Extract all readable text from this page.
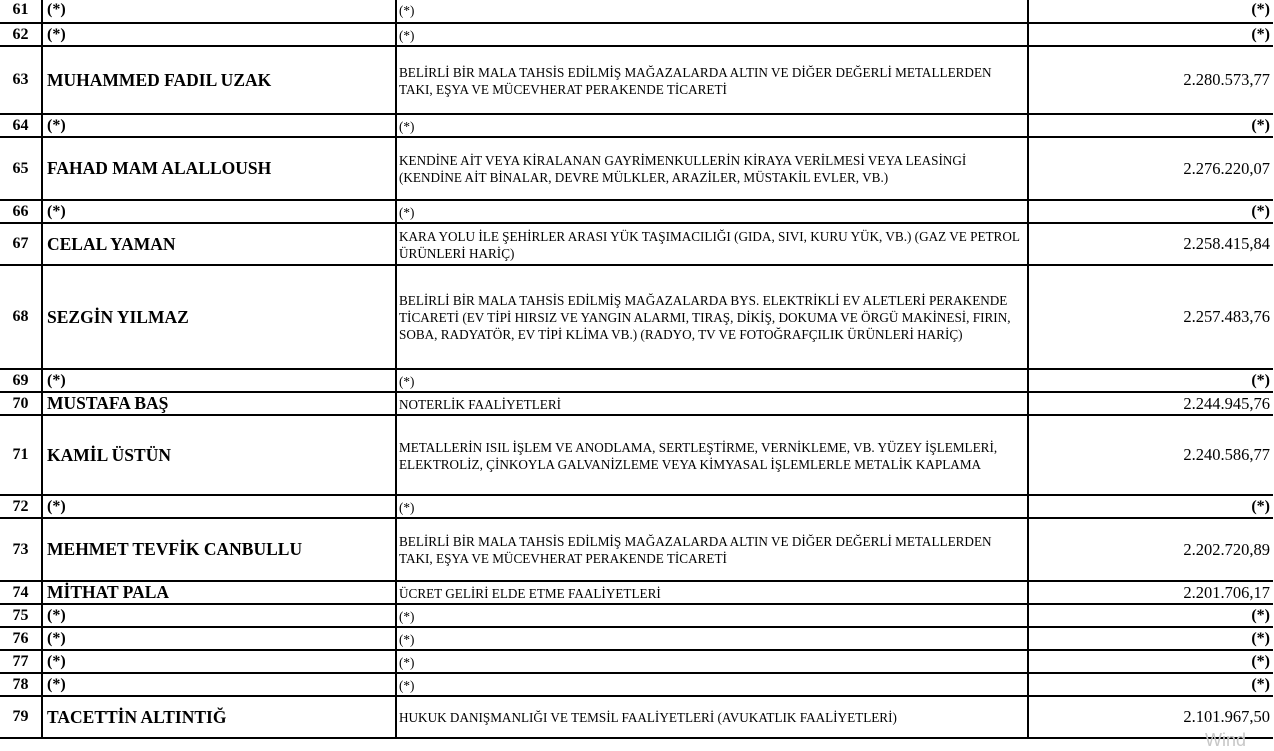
61	(*)	(*)	(*)
62	(*)	(*)	(*)
63	MUHAMMED FADIL UZAK	BELİRLİ BİR MALA TAHSİS EDİLMİŞ MAĞAZALARDA ALTIN VE DİĞER DEĞERLİ METALLERDEN TAKI, EŞYA VE MÜCEVHERAT PERAKENDE TİCARETİ	2.280.573,77
64	(*)	(*)	(*)
65	FAHAD MAM ALALLOUSH	KENDİNE AİT VEYA KİRALANAN GAYRİMENKULLERİN KİRAYA VERİLMESİ VEYA LEASİNGİ (KENDİNE AİT BİNALAR, DEVRE MÜLKLER, ARAZİLER, MÜSTAKİL EVLER, VB.)	2.276.220,07
66	(*)	(*)	(*)
67	CELAL YAMAN	KARA YOLU İLE ŞEHİRLER ARASI YÜK TAŞIMACILIĞI (GIDA, SIVI, KURU YÜK, VB.) (GAZ VE PETROL ÜRÜNLERİ HARİÇ)	2.258.415,84
68	SEZGİN YILMAZ	BELİRLİ BİR MALA TAHSİS EDİLMİŞ MAĞAZALARDA BYS. ELEKTRİKLİ EV ALETLERİ PERAKENDE TİCARETİ (EV TİPİ HIRSIZ VE YANGIN ALARMI, TIRAŞ, DİKİŞ, DOKUMA VE ÖRGÜ MAKİNESİ, FIRIN, SOBA, RADYATÖR, EV TİPİ KLİMA VB.) (RADYO, TV VE FOTOĞRAFÇILIK ÜRÜNLERİ HARİÇ)	2.257.483,76
69	(*)	(*)	(*)
70	MUSTAFA BAŞ	NOTERLİK FAALİYETLERİ	2.244.945,76
71	KAMİL ÜSTÜN	METALLERİN ISIL İŞLEM VE ANODLAMA, SERTLEŞTİRME, VERNİKLEME, VB. YÜZEY İŞLEMLERİ, ELEKTROLİZ, ÇİNKOYLA GALVANİZLEME VEYA KİMYASAL İŞLEMLERLE METALİK KAPLAMA	2.240.586,77
72	(*)	(*)	(*)
73	MEHMET TEVFİK CANBULLU	BELİRLİ BİR MALA TAHSİS EDİLMİŞ MAĞAZALARDA ALTIN VE DİĞER DEĞERLİ METALLERDEN TAKI, EŞYA VE MÜCEVHERAT PERAKENDE TİCARETİ	2.202.720,89
74	MİTHAT PALA	ÜCRET GELİRİ ELDE ETME FAALİYETLERİ	2.201.706,17
75	(*)	(*)	(*)
76	(*)	(*)	(*)
77	(*)	(*)	(*)
78	(*)	(*)	(*)
79	TACETTİN ALTINTIĞ	HUKUK DANIŞMANLIĞI VE TEMSİL FAALİYETLERİ (AVUKATLIK FAALİYETLERİ)	2.101.967,50
Wind
